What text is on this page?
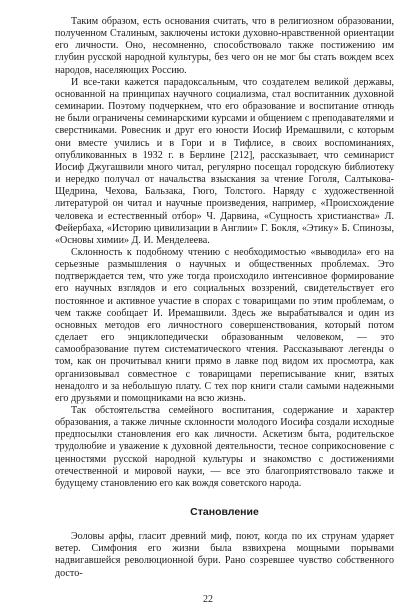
Таким образом, есть основания считать, что в религиозном образовании, полученном Сталиным, заключены истоки духовно-нравственной ориентации его личности. Оно, несомненно, способствовало также постижению им глубин русской народной культуры, без чего он не мог бы стать вождем всех народов, населяющих Россию.

И все-таки кажется парадоксальным, что создателем великой державы, основанной на принципах научного социализма, стал воспитанник духовной семинарии. Поэтому подчеркнем, что его образование и воспитание отнюдь не были ограничены семинарскими курсами и общением с преподавателями и сверстниками. Ровесник и друг его юности Иосиф Иремашвили, с которым они вместе учились и в Гори и в Тифлисе, в своих воспоминаниях, опубликованных в 1932 г. в Берлине [212], рассказывает, что семинарист Иосиф Джугашвили много читал, регулярно посещал городскую библиотеку и нередко получал от начальства взыскания за чтение Гоголя, Салтыкова-Щедрина, Чехова, Бальзака, Гюго, Толстого. Наряду с художественной литературой он читал и научные произведения, например, «Происхождение человека и естественный отбор» Ч. Дарвина, «Сущность христианства» Л. Фейербаха, «Историю цивилизации в Англии» Г. Бокля, «Этику» Б. Спинозы, «Основы химии» Д. И. Менделеева.

Склонность к подобному чтению с необходимостью «выводила» его на серьезные размышления о научных и общественных проблемах. Это подтверждается тем, что уже тогда происходило интенсивное формирование его научных взглядов и его социальных воззрений, свидетельствует его постоянное и активное участие в спорах с товарищами по этим проблемам, о чем также сообщает И. Иремашвили. Здесь же вырабатывался и один из основных методов его личностного совершенствования, который потом сделает его энциклопедически образованным человеком, — это самообразование путем систематического чтения. Рассказывают легенды о том, как он прочитывал книги прямо в лавке под видом их просмотра, как организовывал совместное с товарищами переписывание книг, взятых ненадолго и за небольшую плату. С тех пор книги стали самыми надежными его друзьями и помощниками на всю жизнь.

Так обстоятельства семейного воспитания, содержание и характер образования, а также личные склонности молодого Иосифа создали исходные предпосылки становления его как личности. Аскетизм быта, родительское трудолюбие и уважение к духовной деятельности, тесное соприкосновение с ценностями русской народной культуры и знакомство с достижениями отечественной и мировой науки, — все это благоприятствовало также и будущему становлению его как вождя советского народа.

Становление

Эоловы арфы, гласит древний миф, поют, когда по их струнам ударяет ветер. Симфония его жизни была взвихрена мощными порывами надвигавшейся революционной бури. Рано созревшее чувство собственного досто-

22
